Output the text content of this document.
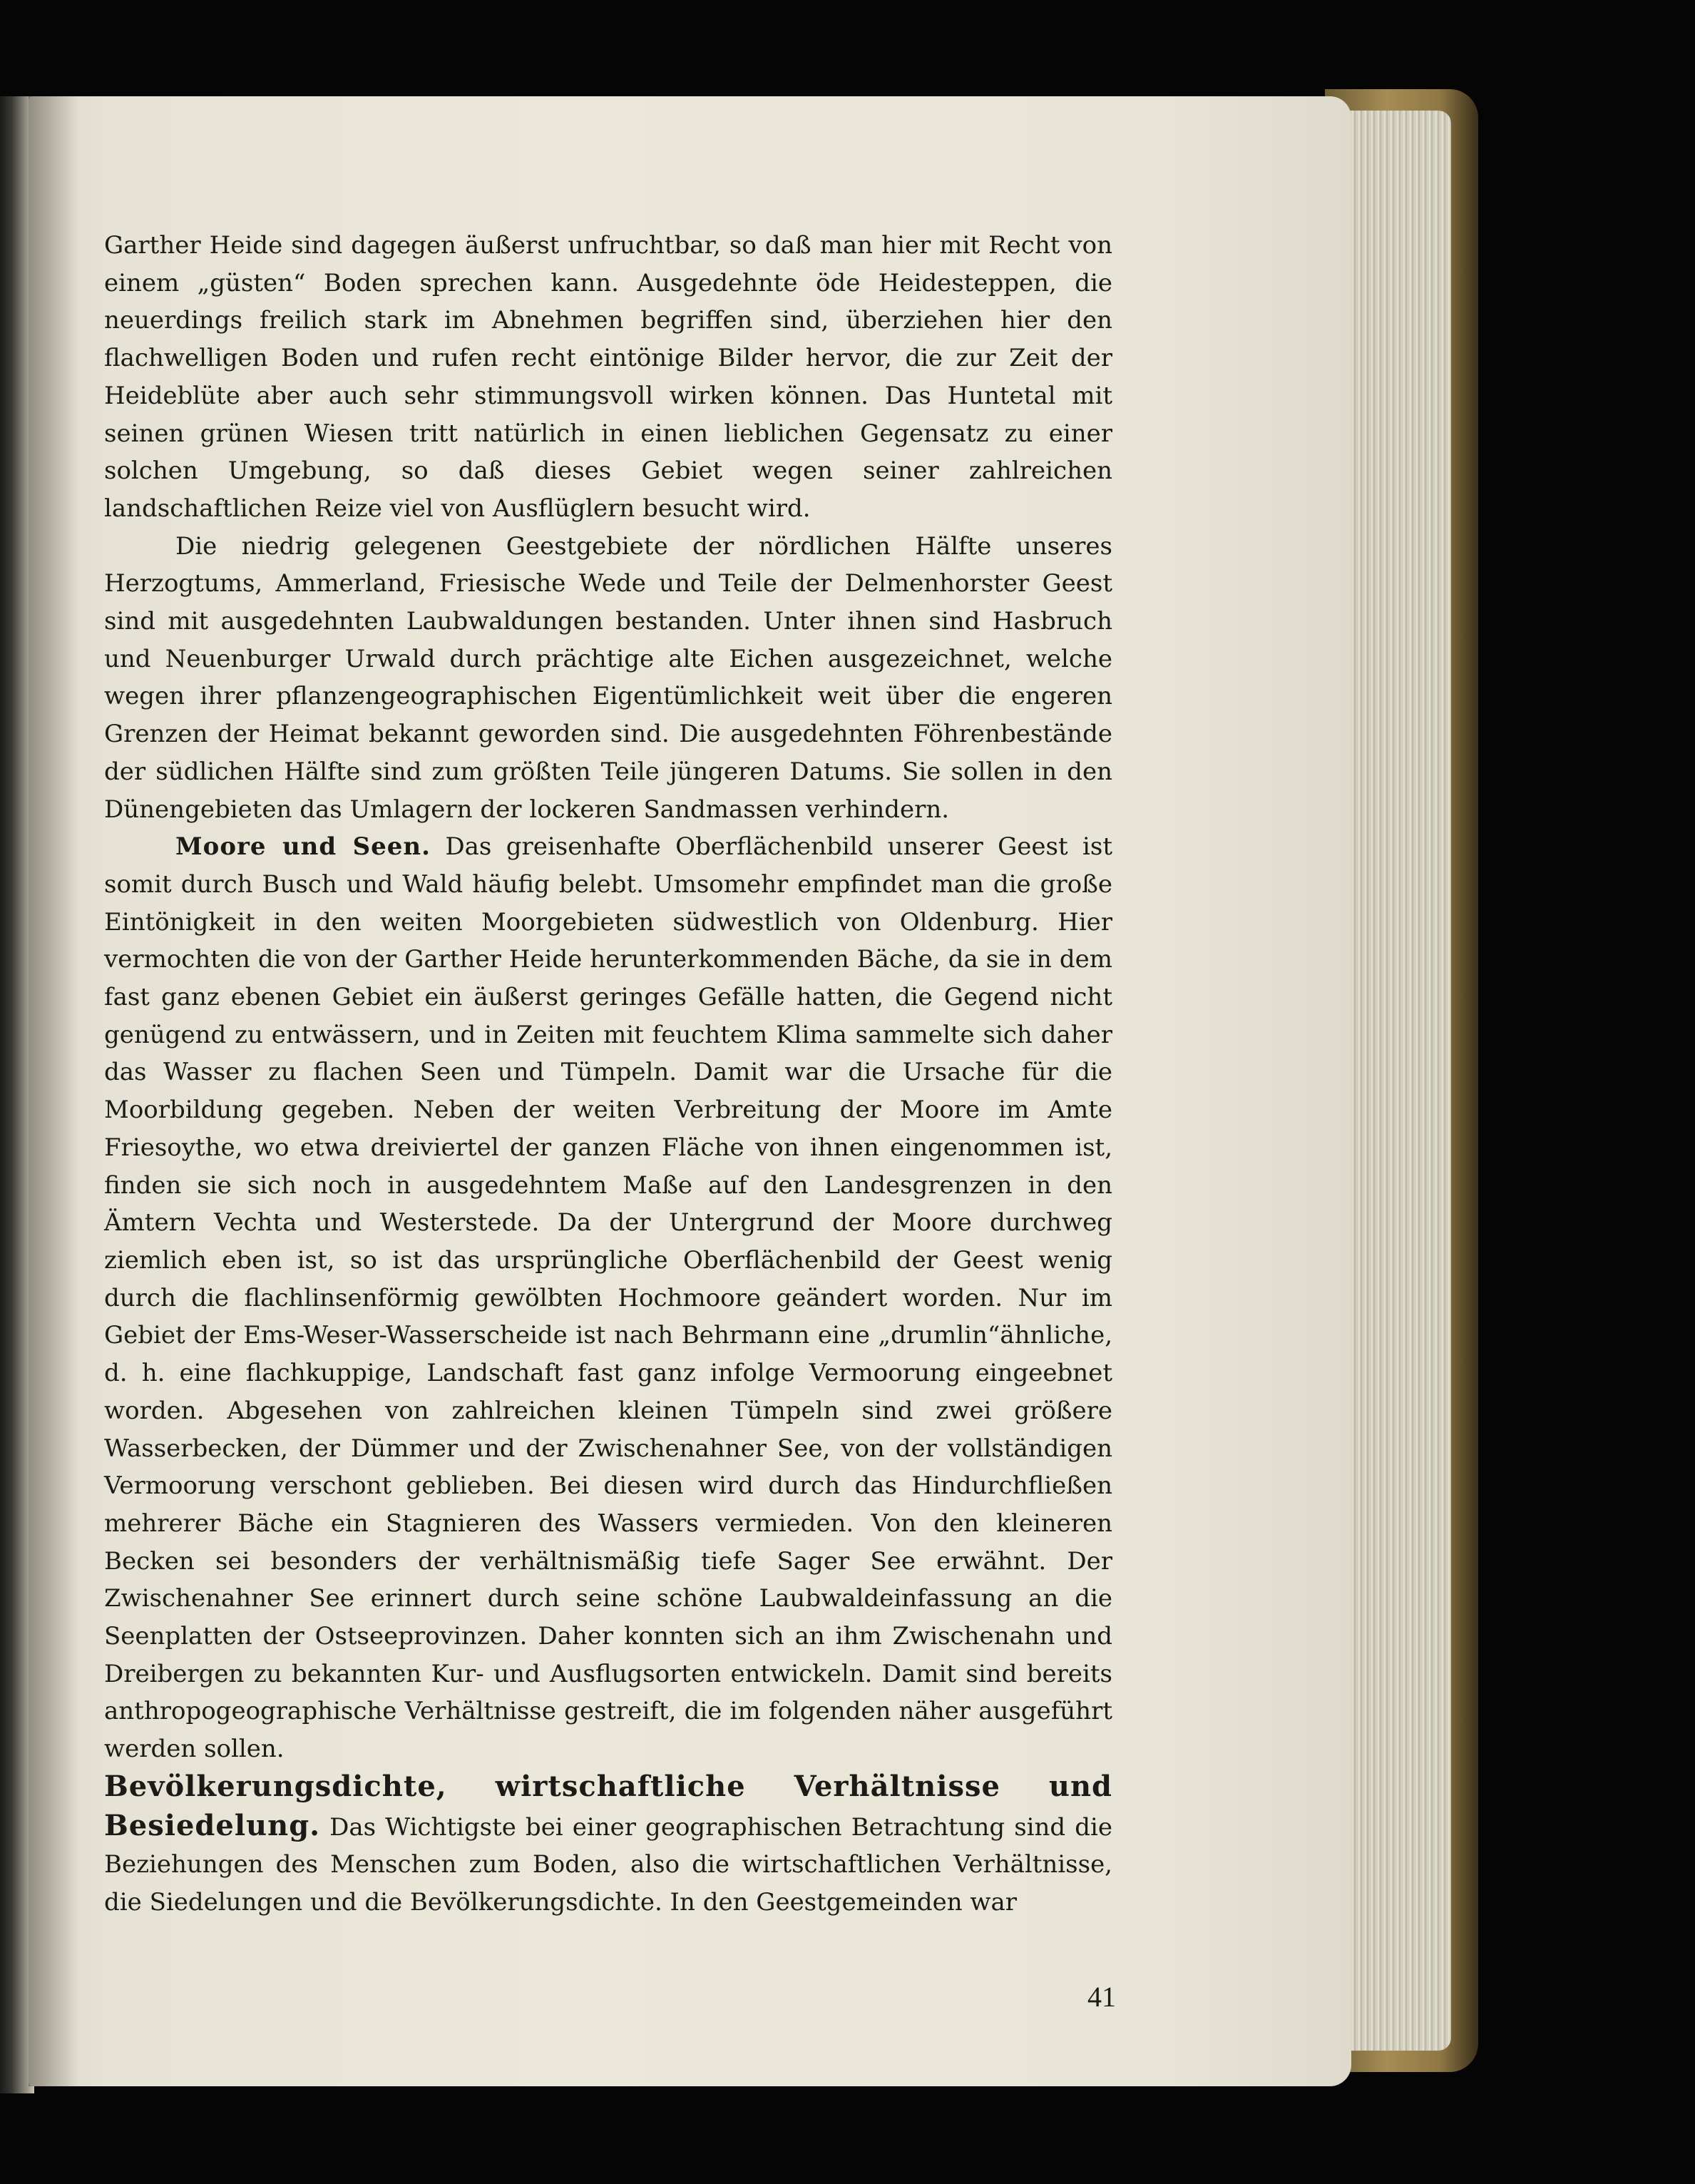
Garther Heide sind dagegen äußerst unfruchtbar, so daß man hier mit Recht von einem „güsten“ Boden sprechen kann. Ausgedehnte öde Heidesteppen, die neuerdings freilich stark im Abnehmen begriffen sind, überziehen hier den flachwelligen Boden und rufen recht eintönige Bilder hervor, die zur Zeit der Heideblüte aber auch sehr stimmungsvoll wirken können. Das Huntetal mit seinen grünen Wiesen tritt natürlich in einen lieblichen Gegensatz zu einer solchen Umgebung, so daß dieses Gebiet wegen seiner zahlreichen landschaftlichen Reize viel von Ausflüglern besucht wird.

Die niedrig gelegenen Geestgebiete der nördlichen Hälfte unseres Herzogtums, Ammerland, Friesische Wede und Teile der Delmenhorster Geest sind mit ausgedehnten Laubwaldungen bestanden. Unter ihnen sind Hasbruch und Neuenburger Urwald durch prächtige alte Eichen ausgezeichnet, welche wegen ihrer pflanzengeographischen Eigentümlichkeit weit über die engeren Grenzen der Heimat bekannt geworden sind. Die ausgedehnten Föhrenbestände der südlichen Hälfte sind zum größten Teile jüngeren Datums. Sie sollen in den Dünengebieten das Umlagern der lockeren Sandmassen verhindern.

Moore und Seen. Das greisenhafte Oberflächenbild unserer Geest ist somit durch Busch und Wald häufig belebt. Umsomehr empfindet man die große Eintönigkeit in den weiten Moorgebieten südwestlich von Oldenburg. Hier vermochten die von der Garther Heide herunterkommenden Bäche, da sie in dem fast ganz ebenen Gebiet ein äußerst geringes Gefälle hatten, die Gegend nicht genügend zu entwässern, und in Zeiten mit feuchtem Klima sammelte sich daher das Wasser zu flachen Seen und Tümpeln. Damit war die Ursache für die Moorbildung gegeben. Neben der weiten Verbreitung der Moore im Amte Friesoythe, wo etwa dreiviertel der ganzen Fläche von ihnen eingenommen ist, finden sie sich noch in ausgedehntem Maße auf den Landesgrenzen in den Ämtern Vechta und Westerstede. Da der Untergrund der Moore durchweg ziemlich eben ist, so ist das ursprüngliche Oberflächenbild der Geest wenig durch die flachlinsenförmig gewölbten Hochmoore geändert worden. Nur im Gebiet der Ems-Weser-Wasserscheide ist nach Behrmann eine „drumlin“ähnliche, d. h. eine flachkuppige, Landschaft fast ganz infolge Vermoorung eingeebnet worden. Abgesehen von zahlreichen kleinen Tümpeln sind zwei größere Wasserbecken, der Dümmer und der Zwischenahner See, von der vollständigen Vermoorung verschont geblieben. Bei diesen wird durch das Hindurchfließen mehrerer Bäche ein Stagnieren des Wassers vermieden. Von den kleineren Becken sei besonders der verhältnismäßig tiefe Sager See erwähnt. Der Zwischenahner See erinnert durch seine schöne Laubwaldeinfassung an die Seenplatten der Ostseeprovinzen. Daher konnten sich an ihm Zwischenahn und Dreibergen zu bekannten Kur- und Ausflugsorten entwickeln. Damit sind bereits anthropogeographische Verhältnisse gestreift, die im folgenden näher ausgeführt werden sollen.

Bevölkerungsdichte, wirtschaftliche Verhältnisse und Besiedelung. Das Wichtigste bei einer geographischen Betrachtung sind die Beziehungen des Menschen zum Boden, also die wirtschaftlichen Verhältnisse, die Siedelungen und die Bevölkerungsdichte. In den Geestgemeinden war

41
